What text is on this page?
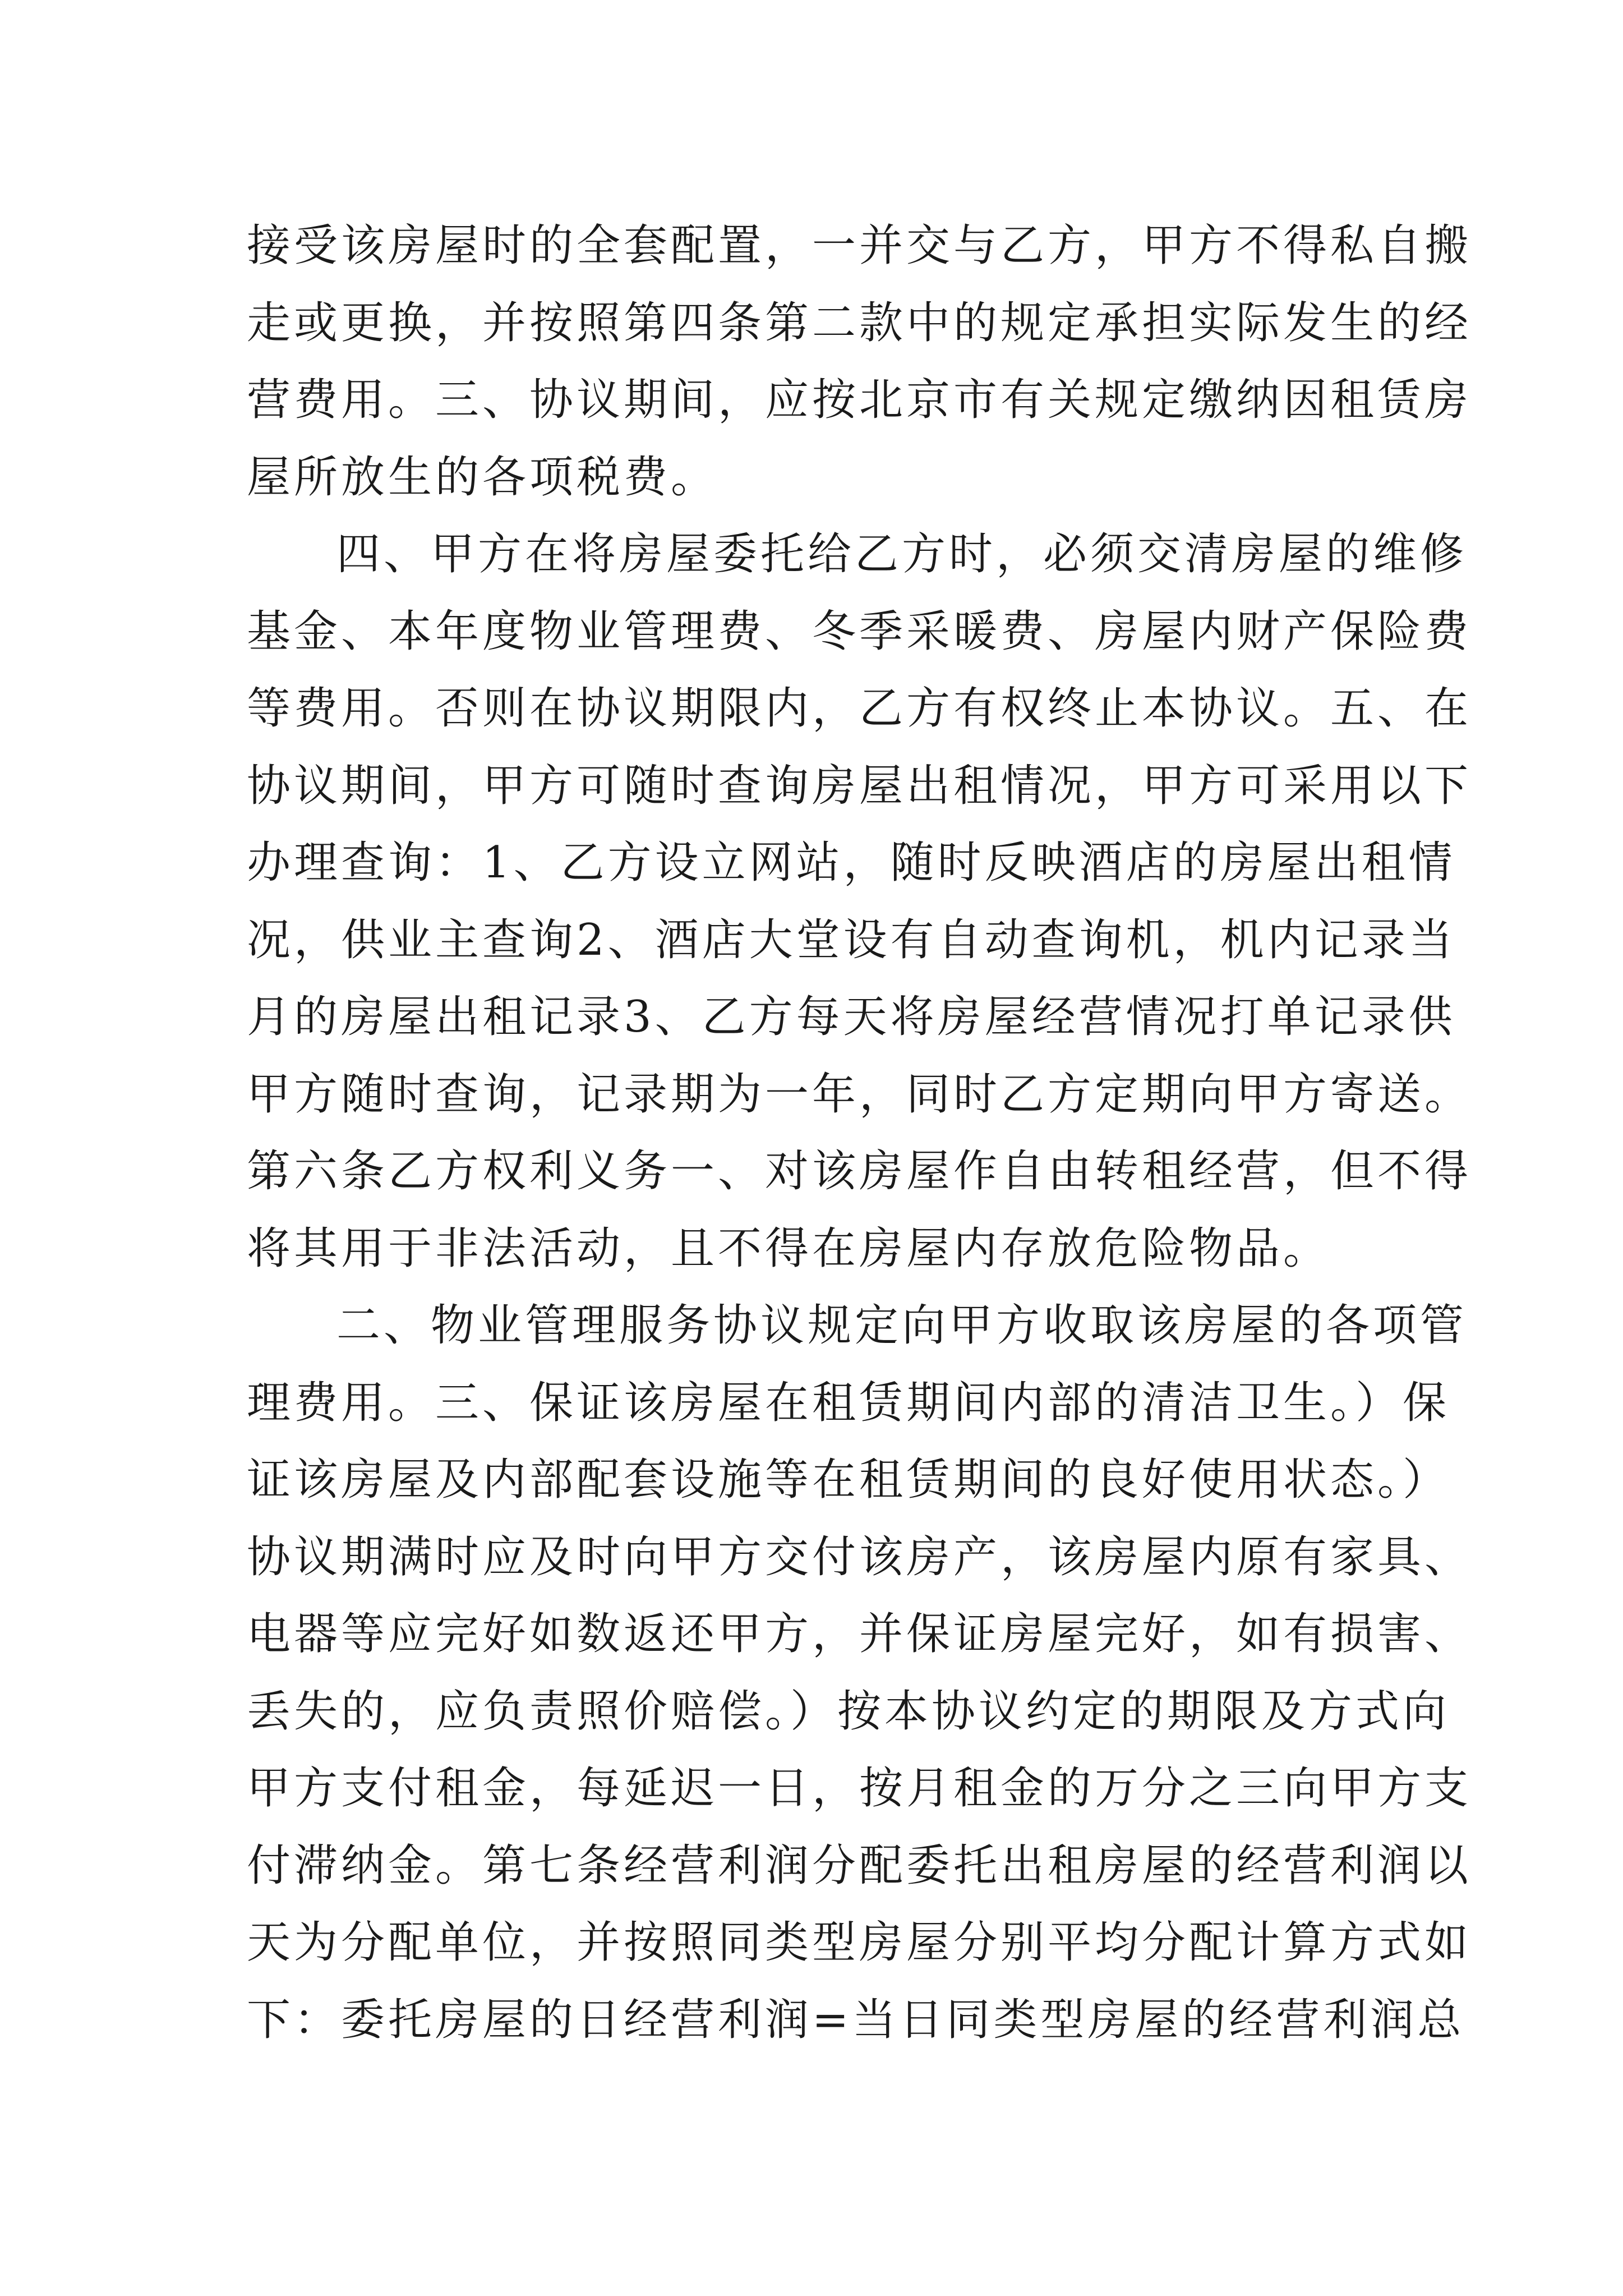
接受该房屋时的全套配置，一并交与乙方，甲方不得私自搬
走或更换，并按照第四条第二款中的规定承担实际发生的经
营费用。三、协议期间，应按北京市有关规定缴纳因租赁房
屋所放生的各项税费。
四、甲方在将房屋委托给乙方时，必须交清房屋的维修
基金、本年度物业管理费、冬季采暖费、房屋内财产保险费
等费用。否则在协议期限内，乙方有权终止本协议。五、在
协议期间，甲方可随时查询房屋出租情况，甲方可采用以下
办理查询：1、乙方设立网站，随时反映酒店的房屋出租情
况，供业主查询2、酒店大堂设有自动查询机，机内记录当
月的房屋出租记录3、乙方每天将房屋经营情况打单记录供
甲方随时查询，记录期为一年，同时乙方定期向甲方寄送。
第六条乙方权利义务一、对该房屋作自由转租经营，但不得
将其用于非法活动，且不得在房屋内存放危险物品。
二、物业管理服务协议规定向甲方收取该房屋的各项管
理费用。三、保证该房屋在租赁期间内部的清洁卫生。）保
证该房屋及内部配套设施等在租赁期间的良好使用状态。）
协议期满时应及时向甲方交付该房产，该房屋内原有家具、
电器等应完好如数返还甲方，并保证房屋完好，如有损害、
丢失的，应负责照价赔偿。）按本协议约定的期限及方式向
甲方支付租金，每延迟一日，按月租金的万分之三向甲方支
付滞纳金。第七条经营利润分配委托出租房屋的经营利润以
天为分配单位，并按照同类型房屋分别平均分配计算方式如
下：委托房屋的日经营利润=当日同类型房屋的经营利润总
